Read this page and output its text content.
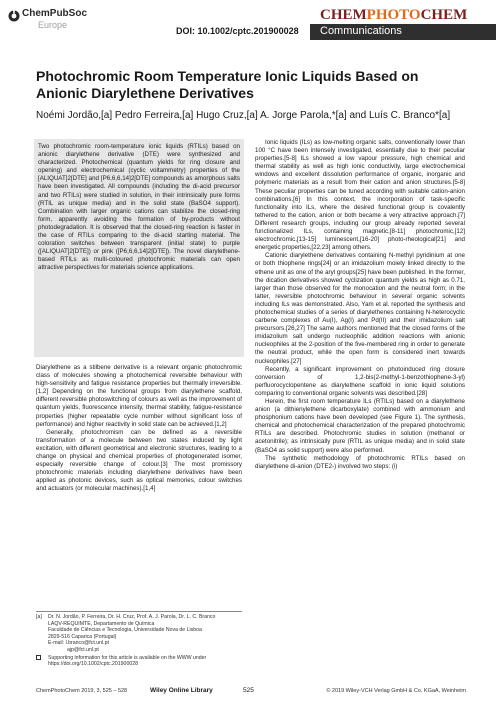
ChemPubSoc
Europe
DOI: 10.1002/cptc.201900028
CHEMPHOTOCHEM
Communications
Photochromic Room Temperature Ionic Liquids Based on Anionic Diarylethene Derivatives
Noémi Jordão,[a] Pedro Ferreira,[a] Hugo Cruz,[a] A. Jorge Parola,*[a] and Luís C. Branco*[a]

Two photochromic room-temperature ionic liquids (RTILs) based on anionic diarylethene derivative (DTE) were synthesized and characterized. Photochemical (quantum yields for ring closure and opening) and electrochemical (cyclic voltammetry) properties of the [ALIQUAT]2[DTE] and [P6,6,6,14]2[DTE] compounds as amorphous salts have been investigated. All compounds (including the di-acid precursor and two RTILs) were studied in solution, in their intrinsically pure forms (RTIL as unique media) and in the solid state (BaSO4 support). Combination with larger organic cations can stabilize the closed-ring form, apparently avoiding the formation of by-products without photodegradation. It is observed that the closed-ring reaction is faster in the case of RTILs comparing to the di-acid starting material. The coloration switches between transparent (initial state) to purple ([ALIQUAT]2[DTE]) or pink ([P6,6,6,14]2[DTE]). The novel diarylethene-based RTILs as multi-coloured photochromic materials can open attractive perspectives for materials science applications.

Diarylethene as a stilbene derivative is a relevant organic photochromic class of molecules showing a photochemical reversible behaviour with high-sensitivity and fatigue resistance properties but thermally irreversible.[1,2] Depending on the functional groups from diarylethene scaffold, different reversible photoswitching of colours as well as the improvement of quantum yields, fluorescence intensity, thermal stability, fatigue-resistance properties (higher repeatable cycle number without significant loss of performance) and higher reactivity in solid state can be achieved.[1,2]

Generally, photochromism can be defined as a reversible transformation of a molecule between two states induced by light excitation, with different geometrical and electronic structures, leading to a change on physical and chemical properties of photogenerated isomer, especially reversible change of colour.[3] The most promissory photochromic materials including diarylethene derivatives have been applied as photonic devices, such as optical memories, colour switches and actuators (or molecular machines).[1,4]

Ionic liquids (ILs) as low-melting organic salts, conventionally lower than 100 °C have been intensely investigated, essentially due to their peculiar properties.[5-8] ILs showed a low vapour pressure, high chemical and thermal stability as well as high ionic conductivity, large electrochemical windows and excellent dissolution performance of organic, inorganic and polymeric materials as a result from their cation and anion structures.[5-8] These peculiar properties can be tuned according with suitable cation-anion combinations.[6] In this context, the incorporation of task-specific functionality into ILs, where the desired functional group is covalently tethered to the cation, anion or both became a very attractive approach.[7] Different research groups, including our group already reported several functionalized ILs, containing magnetic,[8-11] photochromic,[12] electrochromic,[13-15] luminescent,[16-20] photo-rheological[21] and energetic properties,[22,23] among others.

Cationic diarylethene derivatives containing N-methyl pyridinium at one or both thiophene rings[24] or an imidazolium moiety linked directly to the ethene unit as one of the aryl groups[25] have been published. In the former, the dication derivatives showed cyclization quantum yields as high as 0.71, larger than those observed for the monocation and the neutral form; in the latter, reversible photochromic behaviour in several organic solvents including ILs was demonstrated. Also, Yam et al. reported the synthesis and photochemical studies of a series of diarylethenes containing N-heterocyclic carbene complexes of Au(I), Ag(I) and Pd(II) and their imidazolium salt precursors.[26,27] The same authors mentioned that the closed forms of the imidazolium salt undergo nucleophilic addition reactions with anionic nucleophiles at the 2-position of the five-membered ring in order to generate the neutral product, while the open form is considered inert towards nucleophiles.[27]

Recently, a significant improvement on photoinduced ring closure conversion of 1,2-bis(2-methyl-1-benzothiophene-3-yl) perfluorocyclopentene as diarylethene scaffold in ionic liquid solutions comparing to conventional organic solvents was described.[28]

Herein, the first room temperature ILs (RTILs) based on a diarylethene anion (a dithienylethene dicarboxylate) combined with ammonium and phosphonium cations have been developed (see Figure 1). The synthesis, chemical and photochemical characterization of the prepared photochromic RTILs are described. Photochromic studies in solution (methanol or acetonitrile); as intrinsically pure (RTIL as unique media) and in solid state (BaSO4 as solid support) were also performed.

The synthetic methodology of photochromic RTILs based on diarylethene di-anion (DTE2-) involved two steps: (i)

[a]	Dr. N. Jordão, P. Ferreira, Dr. H. Cruz, Prof. A. J. Parola, Dr. L. C. Branco
LAQV-REQUIMTE, Departamento de Química
Faculdade de Ciências e Tecnologia, Universidade Nova de Lisboa
2829-516 Caparica (Portugal)
E-mail: l.branco@fct.unl.pt
ajp@fct.unl.pt
Supporting information for this article is available on the WWW under https://doi.org/10.1002/cptc.201900028
ChemPhotoChem 2019, 3, 525 – 528	Wiley Online Library	525	© 2019 Wiley-VCH Verlag GmbH & Co. KGaA, Weinheim
